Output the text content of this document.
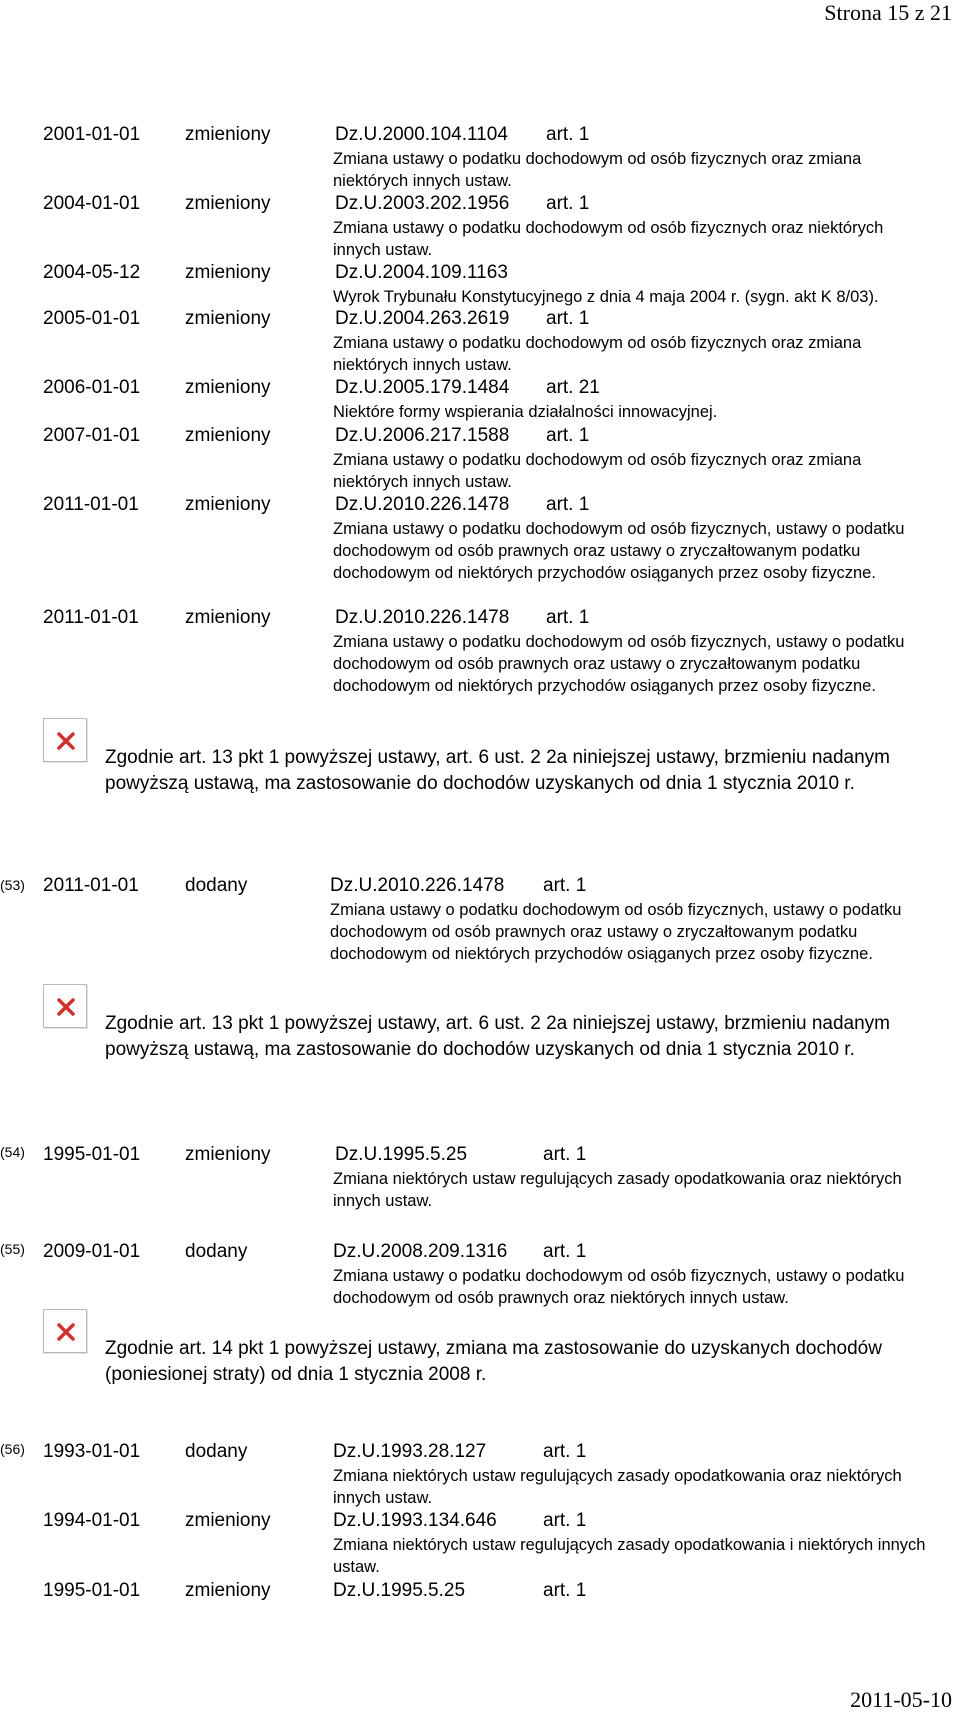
Strona 15 z 21
(53)
(54)
(55)
(56)
2001-01-01 zmieniony	Dz.U.2000.104.1104 art. 1
Zmiana ustawy o podatku dochodowym od osób fizycznych oraz zmiana niektórych innych ustaw.
2004-01-01 zmieniony	Dz.U.2003.202.1956 art. 1
Zmiana ustawy o podatku dochodowym od osób fizycznych oraz niektórych innych ustaw.
2004-05-12 zmieniony	Dz.U.2004.109.1163
Wyrok Trybunału Konstytucyjnego z dnia 4 maja 2004 r. (sygn. akt K 8/03).
2005-01-01 zmieniony	Dz.U.2004.263.2619 art. 1
Zmiana ustawy o podatku dochodowym od osób fizycznych oraz zmiana niektórych innych ustaw.
2006-01-01 zmieniony	Dz.U.2005.179.1484 art. 21
Niektóre formy wspierania działalności innowacyjnej.
2007-01-01 zmieniony	Dz.U.2006.217.1588 art. 1
Zmiana ustawy o podatku dochodowym od osób fizycznych oraz zmiana niektórych innych ustaw.
2011-01-01 zmieniony	Dz.U.2010.226.1478 art. 1
Zmiana ustawy o podatku dochodowym od osób fizycznych, ustawy o podatku dochodowym od osób prawnych oraz ustawy o zryczałtowanym podatku dochodowym od niektórych przychodów osiąganych przez osoby fizyczne.
2011-01-01 zmieniony	Dz.U.2010.226.1478 art. 1
Zmiana ustawy o podatku dochodowym od osób fizycznych, ustawy o podatku dochodowym od osób prawnych oraz ustawy o zryczałtowanym podatku dochodowym od niektórych przychodów osiąganych przez osoby fizyczne.
Zgodnie art. 13 pkt 1 powyższej ustawy, art. 6 ust. 2 2a niniejszej ustawy, brzmieniu nadanym powyższą ustawą, ma zastosowanie do dochodów uzyskanych od dnia 1 stycznia 2010 r.
2011-01-01 dodany	Dz.U.2010.226.1478 art. 1
Zmiana ustawy o podatku dochodowym od osób fizycznych, ustawy o podatku dochodowym od osób prawnych oraz ustawy o zryczałtowanym podatku dochodowym od niektórych przychodów osiąganych przez osoby fizyczne.
Zgodnie art. 13 pkt 1 powyższej ustawy, art. 6 ust. 2 2a niniejszej ustawy, brzmieniu nadanym powyższą ustawą, ma zastosowanie do dochodów uzyskanych od dnia 1 stycznia 2010 r.
1995-01-01 zmieniony	Dz.U.1995.5.25	art. 1
Zmiana niektórych ustaw regulujących zasady opodatkowania oraz niektórych innych ustaw.
2009-01-01 dodany	Dz.U.2008.209.1316 art. 1
Zmiana ustawy o podatku dochodowym od osób fizycznych, ustawy o podatku dochodowym od osób prawnych oraz niektórych innych ustaw.
Zgodnie art. 14 pkt 1 powyższej ustawy, zmiana ma zastosowanie do uzyskanych dochodów (poniesionej straty) od dnia 1 stycznia 2008 r.
1993-01-01 dodany	Dz.U.1993.28.127	art. 1
Zmiana niektórych ustaw regulujących zasady opodatkowania oraz niektórych innych ustaw.
1994-01-01 zmieniony	Dz.U.1993.134.646 art. 1
Zmiana niektórych ustaw regulujących zasady opodatkowania i niektórych innych ustaw.
1995-01-01 zmieniony	Dz.U.1995.5.25	art. 1
2011-05-10
